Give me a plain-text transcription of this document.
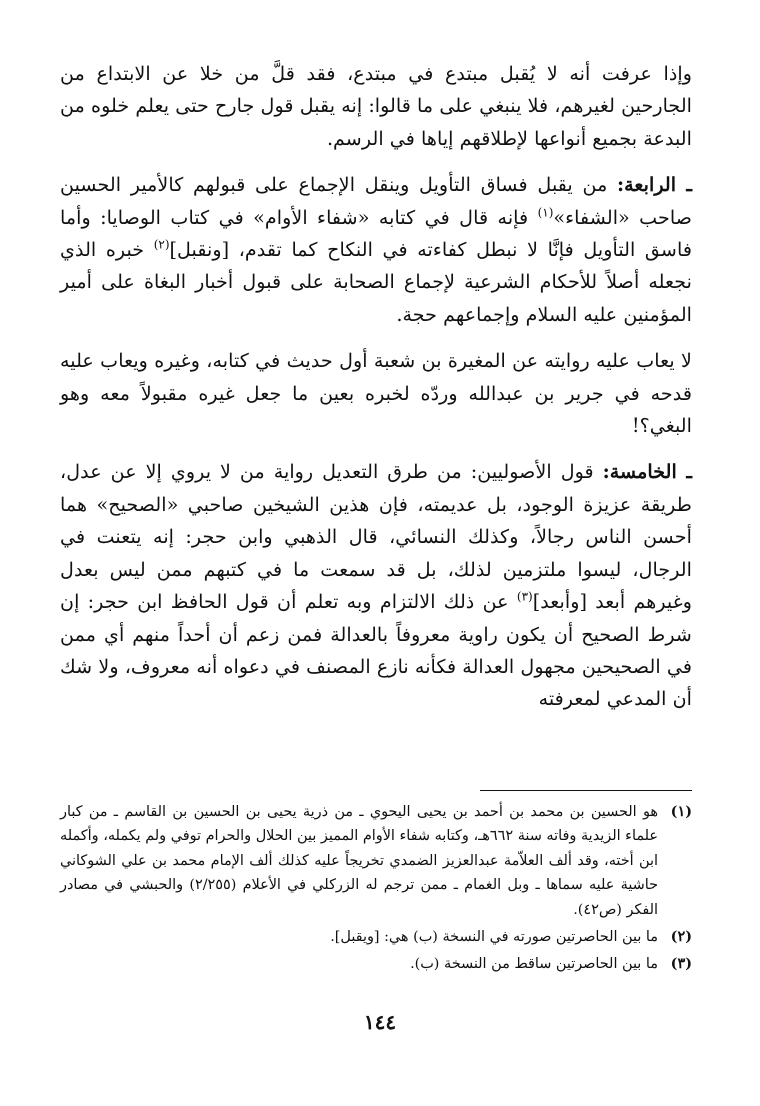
وإذا عرفت أنه لا يُقبل مبتدع في مبتدع، فقد قلَّ من خلا عن الابتداع من الجارحين لغيرهم، فلا ينبغي على ما قالوا: إنه يقبل قول جارح حتى يعلم خلوه من البدعة بجميع أنواعها لإطلاقهم إياها في الرسم.

ـ الرابعة: من يقبل فساق التأويل وينقل الإجماع على قبولهم كالأمير الحسين صاحب «الشفاء»$^{(١)}$ فإنه قال في كتابه «شفاء الأوام» في كتاب الوصايا: وأما فاسق التأويل فإنَّا لا نبطل كفاءته في النكاح كما تقدم، [ونقبل]$^{(٢)}$ خبره الذي نجعله أصلاً للأحكام الشرعية لإجماع الصحابة على قبول أخبار البغاة على أمير المؤمنين عليه السلام وإجماعهم حجة.

لا يعاب عليه روايته عن المغيرة بن شعبة أول حديث في كتابه، وغيره ويعاب عليه قدحه في جرير بن عبدالله وردّه لخبره بعين ما جعل غيره مقبولاً معه وهو البغي؟!

ـ الخامسة: قول الأصوليين: من طرق التعديل رواية من لا يروي إلا عن عدل، طريقة عزيزة الوجود، بل عديمته، فإن هذين الشيخين صاحبي «الصحيح» هما أحسن الناس رجالاً، وكذلك النسائي، قال الذهبي وابن حجر: إنه يتعنت في الرجال، ليسوا ملتزمين لذلك، بل قد سمعت ما في كتبهم ممن ليس بعدل وغيرهم أبعد [وأبعد]$^{(٣)}$ عن ذلك الالتزام وبه تعلم أن قول الحافظ ابن حجر: إن شرط الصحيح أن يكون راوية معروفاً بالعدالة فمن زعم أن أحداً منهم أي ممن في الصحيحين مجهول العدالة فكأنه نازع المصنف في دعواه أنه معروف، ولا شك أن المدعي لمعرفته

(١)
هو الحسين بن محمد بن أحمد بن يحيى اليحوي ـ من ذرية يحيى بن الحسين بن القاسم ـ من كبار علماء الزيدية وفاته سنة ٦٦٢هـ، وكتابه شفاء الأوام المميز بين الحلال والحرام توفي ولم يكمله، وأكمله ابن أخته، وقد ألف العلاّمة عبدالعزيز الضمدي تخريجاً عليه كذلك ألف الإمام محمد بن علي الشوكاني حاشية عليه سماها ـ وبل الغمام ـ ممن ترجم له الزركلي في الأعلام (٢/٢٥٥) والحبشي في مصادر الفكر (ص٤٢).
(٢)
ما بين الحاصرتين صورته في النسخة (ب) هي: [ويقبل].
(٣)
ما بين الحاصرتين ساقط من النسخة (ب).
١٤٤
